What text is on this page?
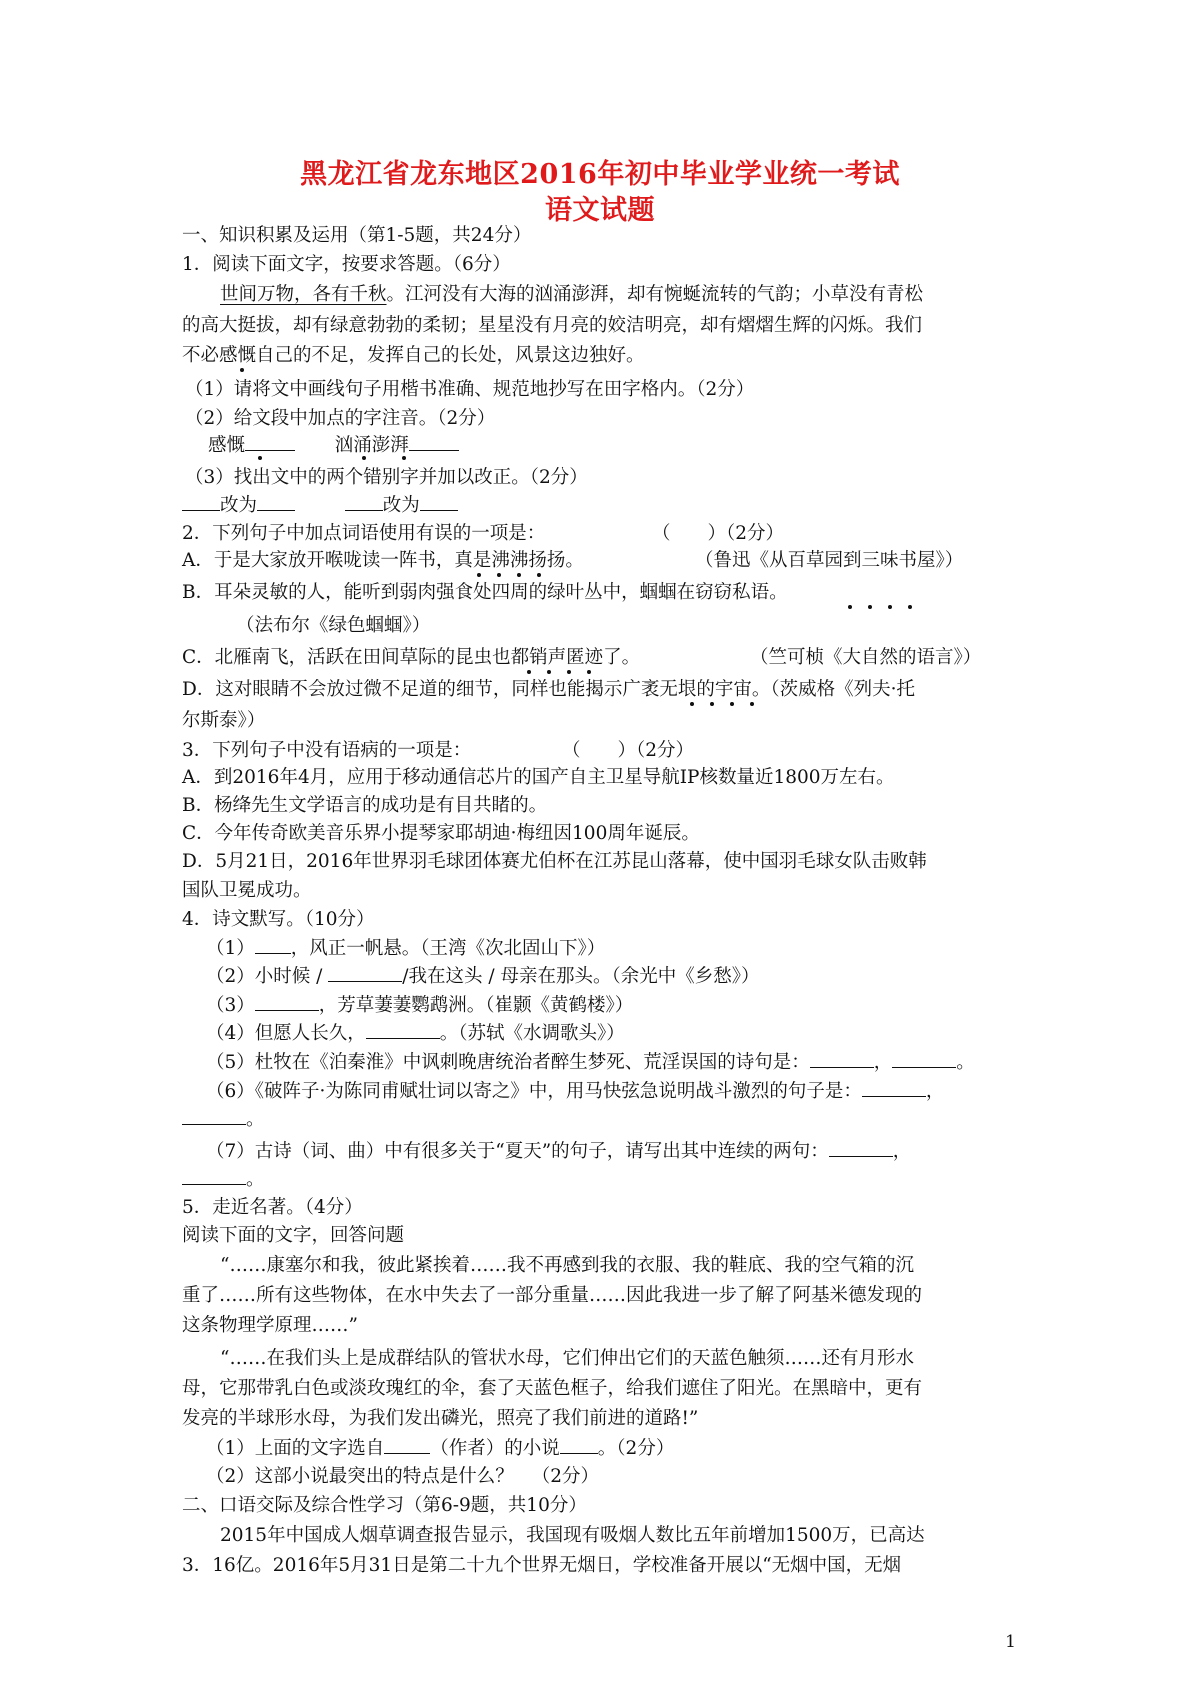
黑龙江省龙东地区2016年初中毕业学业统一考试
语文试题
一、知识积累及运用（第1-5题，共24分）
1．阅读下面文字，按要求答题。（6分）
世间万物，各有千秋。江河没有大海的汹涌澎湃，却有惋蜒流转的气韵；小草没有青松
的高大挺拔，却有绿意勃勃的柔韧；星星没有月亮的姣洁明亮，却有熠熠生辉的闪烁。我们
不必感慨自己的不足，发挥自己的长处，风景这边独好。
（1）请将文中画线句子用楷书准确、规范地抄写在田字格内。（2分）
（2）给文段中加点的字注音。（2分）
感慨	汹涌澎湃
（3）找出文中的两个错别字并加以改正。（2分）
改为	改为
2．下列句子中加点词语使用有误的一项是：	（　　）（2分）
A．于是大家放开喉咙读一阵书，真是沸沸扬扬。	（鲁迅《从百草园到三味书屋》）
B．耳朵灵敏的人，能听到弱肉强食处四周的绿叶丛中，蝈蝈在窃窃私语。
（法布尔《绿色蝈蝈》）
C．北雁南飞，活跃在田间草际的昆虫也都销声匿迹了。	（竺可桢《大自然的语言》）
D．这对眼睛不会放过微不足道的细节，同样也能揭示广袤无垠的宇宙。（茨威格《列夫·托
尔斯泰》）
3．下列句子中没有语病的一项是：	（　　）（2分）
A．到2016年4月，应用于移动通信芯片的国产自主卫星导航IP核数量近1800万左右。
B．杨绛先生文学语言的成功是有目共睹的。
C．今年传奇欧美音乐界小提琴家耶胡迪·梅纽因100周年诞辰。
D．5月21日，2016年世界羽毛球团体赛尤伯杯在江苏昆山落幕，使中国羽毛球女队击败韩
国队卫冕成功。
4．诗文默写。（10分）
（1） ，风正一帆悬。（王湾《次北固山下》）
（2）小时候 /	/我在这头 / 母亲在那头。（余光中《乡愁》）
（3）	，芳草萋萋鹦鹉洲。（崔颢《黄鹤楼》）
（4）但愿人长久，	。（苏轼《水调歌头》）
（5）杜牧在《泊秦淮》中讽刺晚唐统治者醉生梦死、荒淫误国的诗句是：	，	。
（6）《破阵子·为陈同甫赋壮词以寄之》中，用马快弦急说明战斗激烈的句子是：	，
。
（7）古诗（词、曲）中有很多关于“夏天”的句子，请写出其中连续的两句：	，
。
5．走近名著。（4分）
阅读下面的文字，回答问题
“……康塞尔和我，彼此紧挨着……我不再感到我的衣服、我的鞋底、我的空气箱的沉
重了……所有这些物体，在水中失去了一部分重量……因此我进一步了解了阿基米德发现的
这条物理学原理……”
“……在我们头上是成群结队的管状水母，它们伸出它们的天蓝色触须……还有月形水
母，它那带乳白色或淡玫瑰红的伞，套了天蓝色框子，给我们遮住了阳光。在黑暗中，更有
发亮的半球形水母，为我们发出磷光，照亮了我们前进的道路!”
（1）上面的文字选自 （作者）的小说 。（2分）
（2）这部小说最突出的特点是什么？ （2分）
二、口语交际及综合性学习（第6-9题，共10分）
2015年中国成人烟草调查报告显示，我国现有吸烟人数比五年前增加1500万，已高达
3．16亿。2016年5月31日是第二十九个世界无烟日，学校准备开展以“无烟中国，无烟
1
